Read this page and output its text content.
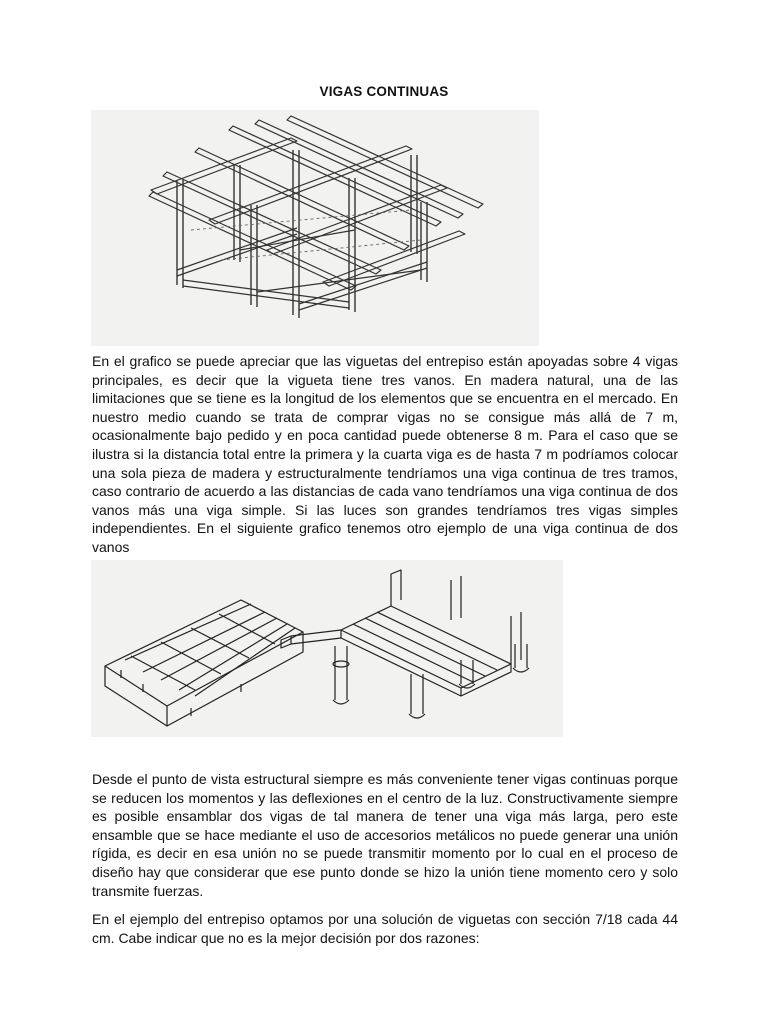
VIGAS CONTINUAS

En el grafico se puede apreciar que las viguetas del entrepiso están apoyadas sobre 4 vigas principales, es decir que la vigueta tiene tres vanos. En madera natural, una de las limitaciones que se tiene es la longitud de los elementos que se encuentra en el mercado. En nuestro medio cuando se trata de comprar vigas no se consigue más allá de 7 m, ocasionalmente bajo pedido y en poca cantidad puede obtenerse 8 m. Para el caso que se ilustra si la distancia total entre la primera y la cuarta viga es de hasta 7 m podríamos colocar una sola pieza de madera y estructuralmente tendríamos una viga continua de tres tramos, caso contrario de acuerdo a las distancias de cada vano tendríamos una viga continua de dos vanos más una viga simple. Si las luces son grandes tendríamos tres vigas simples independientes. En el siguiente grafico tenemos otro ejemplo de una viga continua de dos vanos

Desde el punto de vista estructural siempre es más conveniente tener vigas continuas porque se reducen los momentos y las deflexiones en el centro de la luz. Constructivamente siempre es posible ensamblar dos vigas de tal manera de tener una viga más larga, pero este ensamble que se hace mediante el uso de accesorios metálicos no puede generar una unión rígida, es decir en esa unión no se puede transmitir momento por lo cual en el proceso de diseño hay que considerar que ese punto donde se hizo la unión tiene momento cero y solo transmite fuerzas.

En el ejemplo del entrepiso optamos por una solución de viguetas con sección 7/18 cada 44 cm. Cabe indicar que no es la mejor decisión por dos razones:
